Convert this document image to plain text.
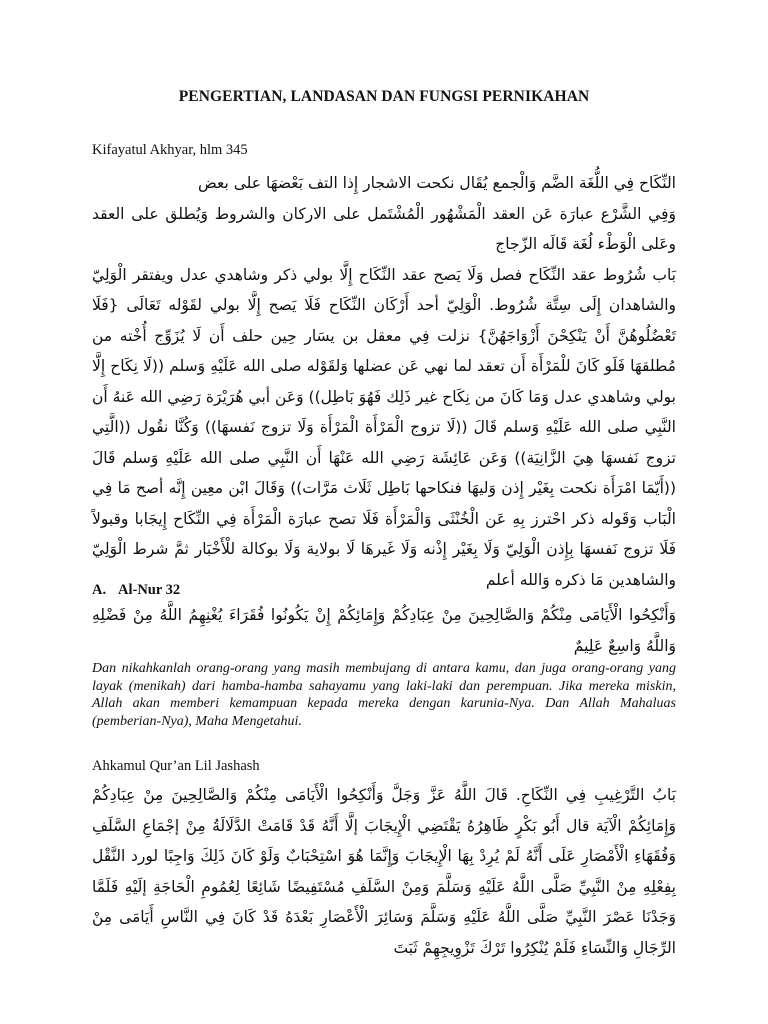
PENGERTIAN, LANDASAN DAN FUNGSI PERNIKAHAN
Kifayatul Akhyar, hlm 345

النِّكَاح فِي اللُّغَة الضَّم وَالْجمع يُقَال نكحت الاشجار إِذا التف بَعْضهَا على بعض

وَفِي الشَّرْع عبارَة عَن العقد الْمَشْهُور الْمُشْتَمل على الاركان والشروط وَيُطلق على العقد وعَلى الْوَطْء لُغَة قَالَه الزّجاج

بَاب شُرُوط عقد النِّكَاح فصل وَلَا يَصح عقد النِّكَاح إِلَّا بولي ذكر وشاهدي عدل ويفتقر الْوَلِيّ والشاهدان إِلَى سِتَّة شُرُوط. الْوَلِيّ أحد أَرْكَان النِّكَاح فَلَا يَصح إِلَّا بولي لقَوْله تَعَالَى {فَلَا تَعْضُلُوهُنَّ أَنْ يَنْكِحْنَ أَزْوَاجَهُنَّ} نزلت فِي معقل بن يسَار حِين حلف أَن لَا يُزَوِّج أُخْته من مُطلقهَا فَلَو كَانَ للْمَرْأَة أَن تعقد لما نهي عَن عضلها وَلقَوْله صلى الله عَلَيْهِ وَسلم ((لَا نِكَاح إِلَّا بولي وشاهدي عدل وَمَا كَانَ من نِكَاح غير ذَلِك فَهُوَ بَاطِل)) وَعَن أبي هُرَيْرَة رَضِي الله عَنهُ أَن النَّبِي صلى الله عَلَيْهِ وَسلم قَالَ ((لَا تزوج الْمَرْأَة الْمَرْأَة وَلَا تزوج نَفسهَا)) وَكُنَّا نقُول ((الَّتِي تزوج نَفسهَا هِيَ الزَّانِيَة)) وَعَن عَائِشَة رَضِي الله عَنْهَا أَن النَّبِي صلى الله عَلَيْهِ وَسلم قَالَ ((أَيّمَا امْرَأَة نكحت بِغَيْر إِذن وَليهَا فنكاحها بَاطِل ثَلَاث مَرَّات)) وَقَالَ ابْن معِين إِنَّه أصح مَا فِي الْبَاب وَقَوله ذكر احْترز بِهِ عَن الْخُنْثَى وَالْمَرْأَة فَلَا تصح عبارَة الْمَرْأَة فِي النِّكَاح إِيجَابا وقبولاً فَلَا تزوج نَفسهَا بِإِذن الْوَلِيّ وَلَا بِغَيْر إِذْنه وَلَا غَيرهَا لَا بولاية وَلَا بوكالة للْأَخْبَار ثمَّ شرط الْوَلِيّ والشاهدين مَا ذكره وَالله أعلم

A. Al-Nur 32

وَأَنْكِحُوا الْأَيَامَى مِنْكُمْ وَالصَّالِحِينَ مِنْ عِبَادِكُمْ وَإِمَائِكُمْ إِنْ يَكُونُوا فُقَرَاءَ يُغْنِهِمُ اللَّهُ مِنْ فَضْلِهِ وَاللَّهُ وَاسِعٌ عَلِيمٌ

Dan nikahkanlah orang-orang yang masih membujang di antara kamu, dan juga orang-orang yang layak (menikah) dari hamba-hamba sahayamu yang laki-laki dan perempuan. Jika mereka miskin, Allah akan memberi kemampuan kepada mereka dengan karunia-Nya. Dan Allah Mahaluas (pemberian-Nya), Maha Mengetahui.
Ahkamul Qur’an Lil Jashash

بَابُ التَّرْغِيبِ فِي النِّكَاحِ. قَالَ اللَّهُ عَزَّ وَجَلَّ وَأَنْكِحُوا الْأَيَامَى مِنْكُمْ وَالصَّالِحِينَ مِنْ عِبَادِكُمْ وَإِمَائِكُمْ الْآيَة قال أَبُو بَكْرٍ ظَاهِرُهُ يَقْتَضِي الْإِيجَابَ إلَّا أَنَّهُ قَدْ قَامَتْ الدَّلَالَةُ مِنْ إجْمَاعِ السَّلَفِ وَفُقَهَاءِ الْأَمْصَارِ عَلَى أَنَّهُ لَمْ يُرِدْ بِهَا الْإِيجَابَ وَإِنَّمَا هُوَ اسْتِحْبَابٌ وَلَوْ كَانَ ذَلِكَ وَاجِبًا لورد النَّقْل بِفِعْلِهِ مِنْ النَّبِيِّ صَلَّى اللَّهُ عَلَيْهِ وَسَلَّمَ وَمِنْ السَّلَفِ مُسْتَفِيضًا شَائِعًا لِعُمُومِ الْحَاجَةِ إلَيْهِ فَلَمَّا وَجَدْنَا عَصْرَ النَّبِيِّ صَلَّى اللَّهُ عَلَيْهِ وَسَلَّمَ وَسَائِرَ الْأَعْصَارِ بَعْدَهُ قَدْ كَانَ فِي النَّاسِ أَيَامَى مِنْ الرِّجَالِ وَالنِّسَاءِ فَلَمْ يُنْكِرُوا تَرْكَ تَزْوِيجِهِمْ ثَبَتَ
